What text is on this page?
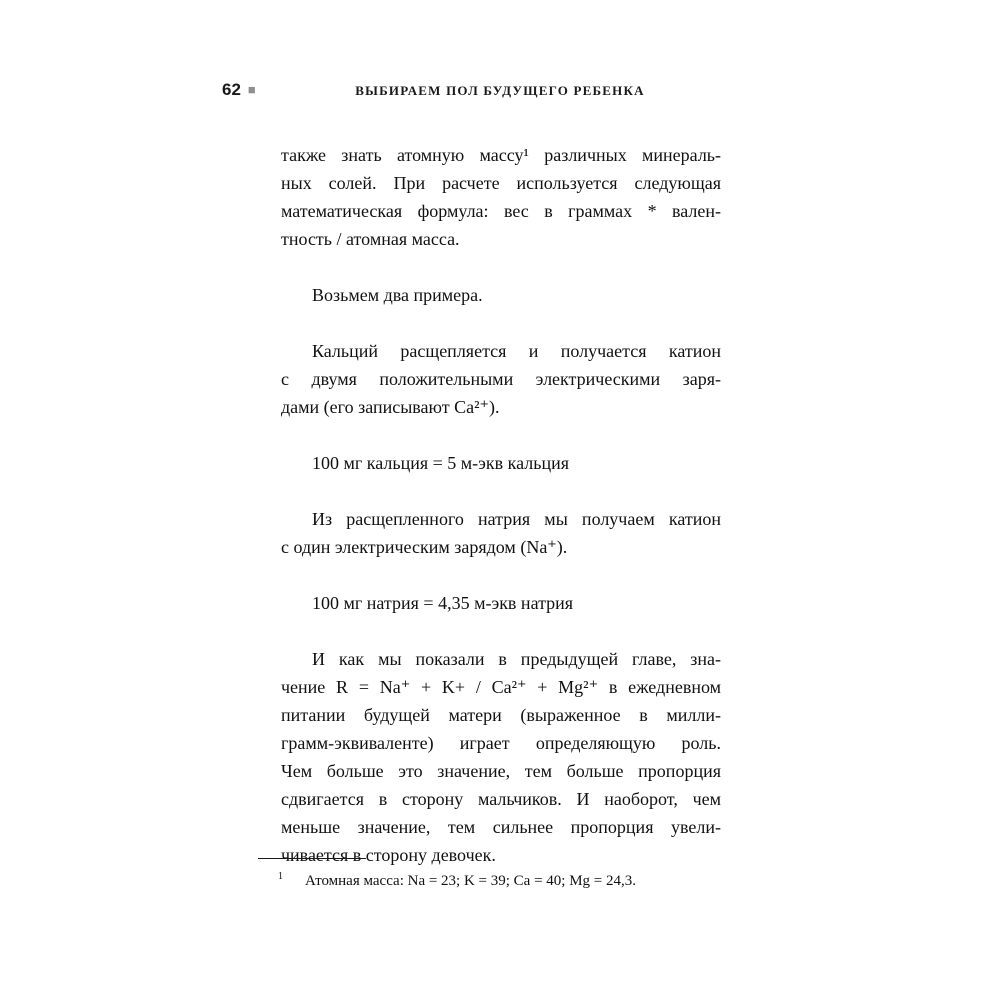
62 ■	ВЫБИРАЕМ ПОЛ БУДУЩЕГО РЕБЕНКА
также знать атомную массу¹ различных минераль-
ных солей. При расчете используется следующая
математическая формула: вес в граммах * вален-
тность / атомная масса.
Возьмем два примера.
Кальций расщепляется и получается катион
с двумя положительными электрическими заря-
дами (его записывают Ca²⁺).
100 мг кальция = 5 м-экв кальция
Из расщепленного натрия мы получаем катион
с один электрическим зарядом (Na⁺).
100 мг натрия = 4,35 м-экв натрия
И как мы показали в предыдущей главе, зна-
чение R = Na⁺ + K+ / Ca²⁺ + Mg²⁺ в ежедневном
питании будущей матери (выраженное в милли-
грамм-эквиваленте) играет определяющую роль.
Чем больше это значение, тем больше пропорция
сдвигается в сторону мальчиков. И наоборот, чем
меньше значение, тем сильнее пропорция увели-
чивается в сторону девочек.
$^1$ Атомная масса: Na = 23; K = 39; Ca = 40; Mg = 24,3.
